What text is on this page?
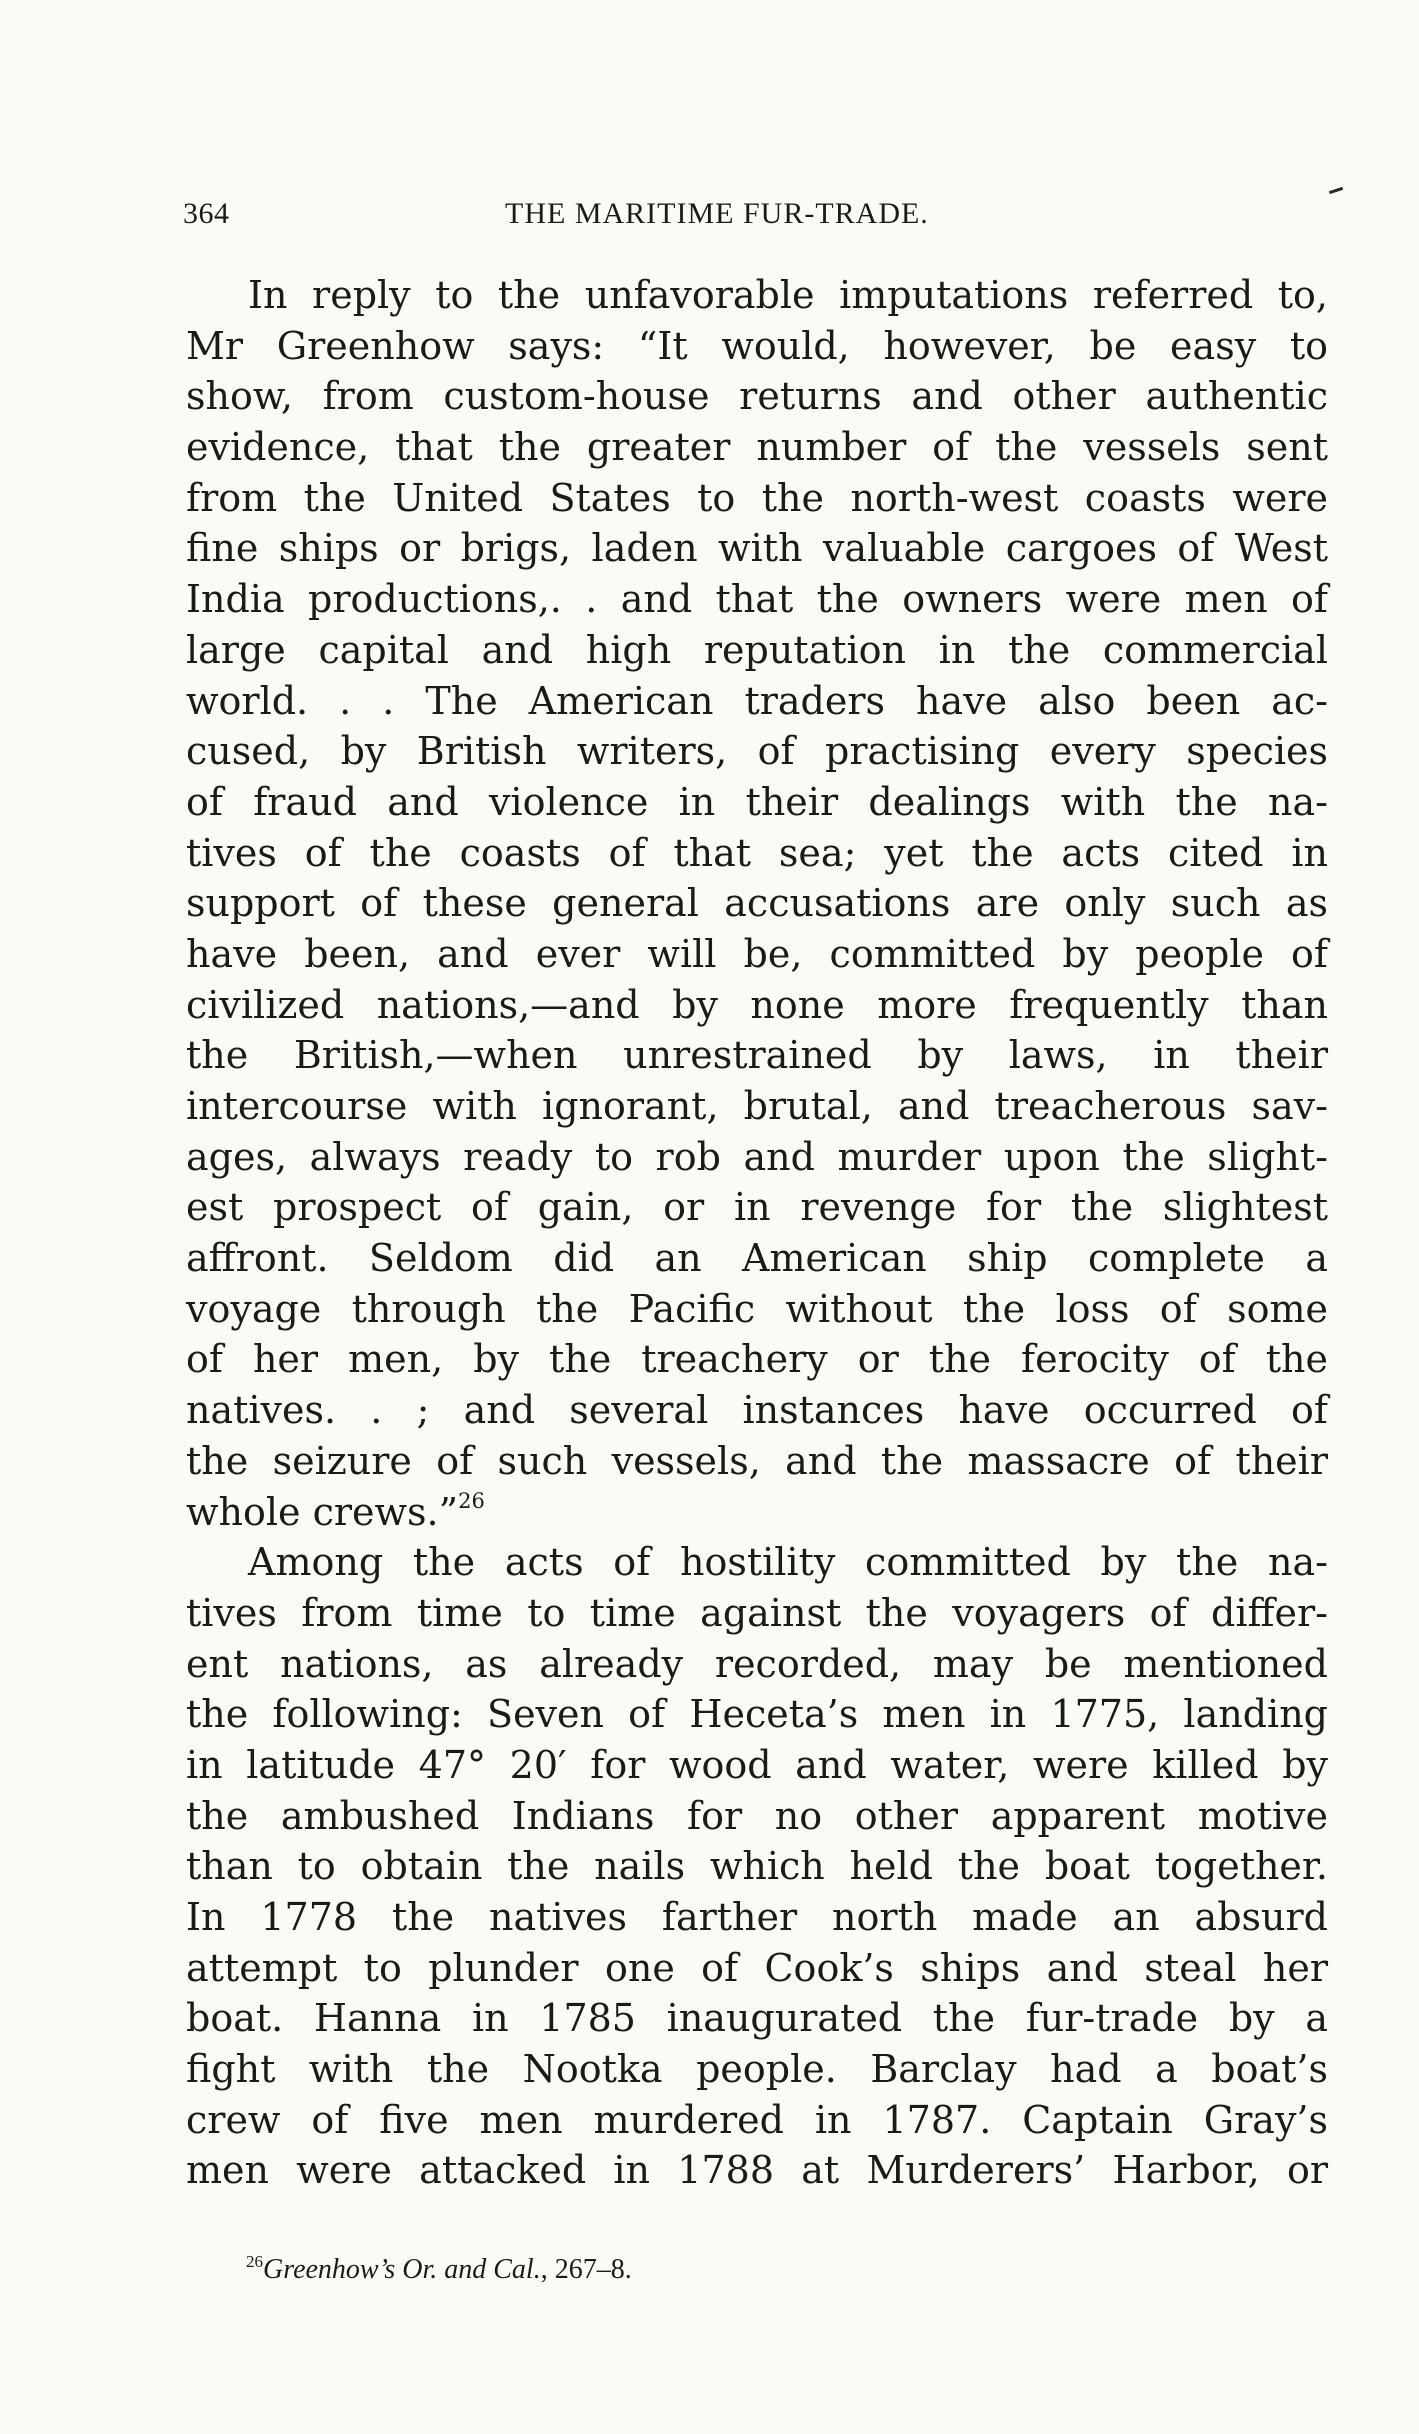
364	THE MARITIME FUR-TRADE.
In reply to the unfavorable imputations referred to,
Mr Greenhow says: “It would, however, be easy to
show, from custom-house returns and other authentic
evidence, that the greater number of the vessels sent
from the United States to the north-west coasts were
fine ships or brigs, laden with valuable cargoes of West
India productions,. . and that the owners were men of
large capital and high reputation in the commercial
world. . . The American traders have also been ac-
cused, by British writers, of practising every species
of fraud and violence in their dealings with the na-
tives of the coasts of that sea; yet the acts cited in
support of these general accusations are only such as
have been, and ever will be, committed by people of
civilized nations,—and by none more frequently than
the British,—when unrestrained by laws, in their
intercourse with ignorant, brutal, and treacherous sav-
ages, always ready to rob and murder upon the slight-
est prospect of gain, or in revenge for the slightest
affront. Seldom did an American ship complete a
voyage through the Pacific without the loss of some
of her men, by the treachery or the ferocity of the
natives. . ; and several instances have occurred of
the seizure of such vessels, and the massacre of their
whole crews.”$^{26}$
Among the acts of hostility committed by the na-
tives from time to time against the voyagers of differ-
ent nations, as already recorded, may be mentioned
the following: Seven of Heceta’s men in 1775, landing
in latitude 47° 20′ for wood and water, were killed by
the ambushed Indians for no other apparent motive
than to obtain the nails which held the boat together.
In 1778 the natives farther north made an absurd
attempt to plunder one of Cook’s ships and steal her
boat. Hanna in 1785 inaugurated the fur-trade by a
fight with the Nootka people. Barclay had a boat’s
crew of five men murdered in 1787. Captain Gray’s
men were attacked in 1788 at Murderers’ Harbor, or
$^{26}$Greenhow’s Or. and Cal., 267–8.
